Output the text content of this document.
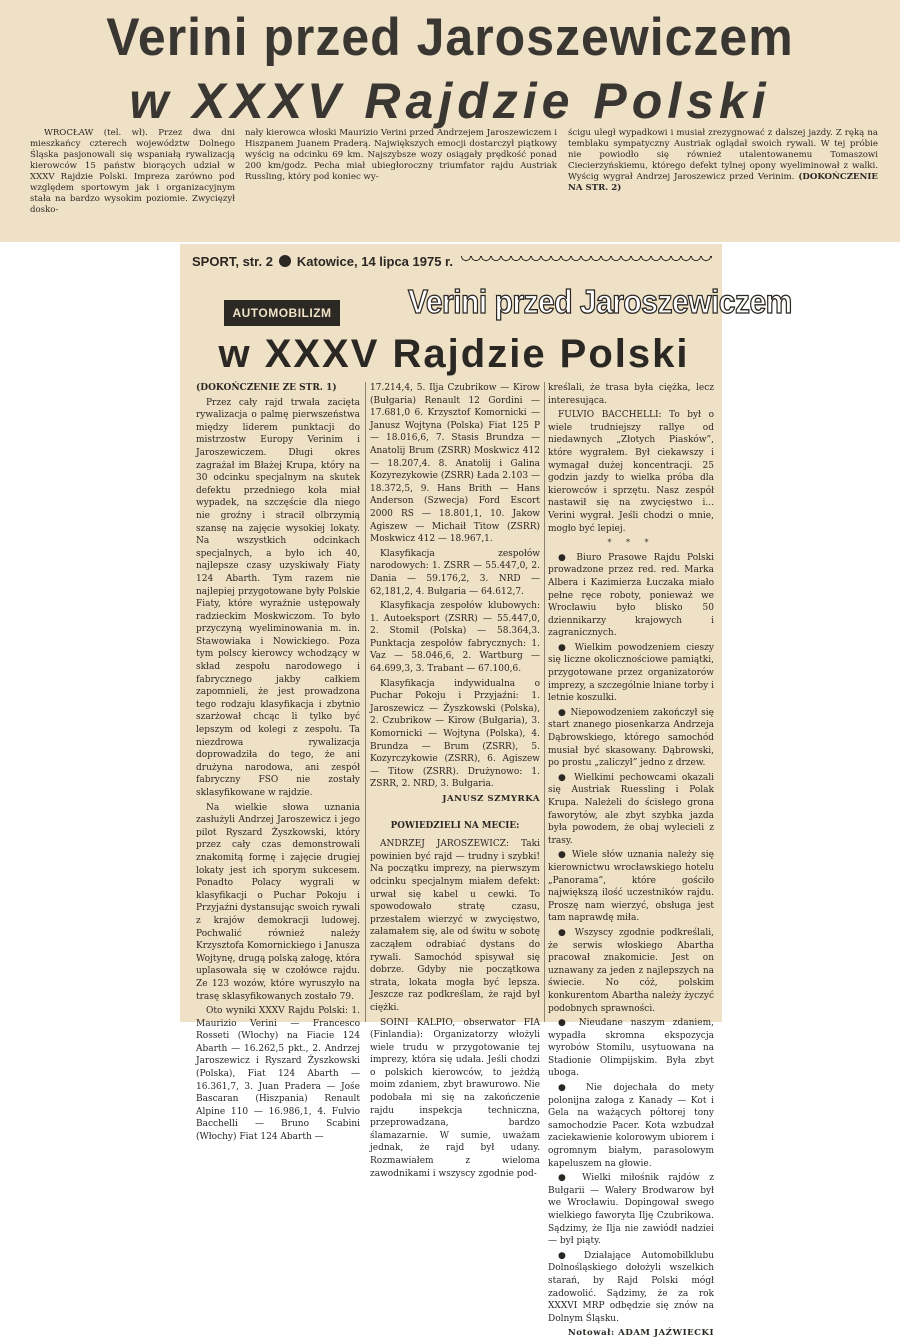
Verini przed Jaroszewiczem
w XXXV Rajdzie Polski
WROCŁAW (tel. wł). Przez dwa dni mieszkańcy czterech województw Dolnego Śląska pasjonowali się wspaniałą rywalizacją kierowców 15 państw biorących udział w XXXV Rajdzie Polski. Impreza zarówno pod względem sportowym jak i organizacyjnym stała na bardzo wysokim poziomie. Zwycięzył dosko-
nały kierowca włoski Maurizio Verini przed Andrzejem Jaroszewiczem i Hiszpanem Juanem Praderą. Największych emocji dostarczył piątkowy wyścig na odcinku 69 km. Najszybsze wozy osiągały prędkość ponad 200 km/godz. Pecha miał ubiegłoroczny triumfator rajdu Austriak Russling, który pod koniec wy-
ścigu uległ wypadkowi i musiał zrezygnować z dalszej jazdy. Z ręką na temblaku sympatyczny Austriak oglądał swoich rywali. W tej próbie nie powiodło się również utalentowanemu Tomaszowi Ciecierzyńskiemu, którego defekt tylnej opony wyeliminował z walki. Wyścig wygrał Andrzej Jaroszewicz przed Verinim. (DOKOŃCZENIE NA STR. 2)
SPORT, str. 2 Katowice, 14 lipca 1975 r.
AUTOMOBILIZM	Verini przed Jaroszewiczem
w XXXV Rajdzie Polski

(DOKOŃCZENIE ZE STR. 1)

Przez cały rajd trwała zacięta rywalizacja o palmę pierwszeństwa między liderem punktacji do mistrzostw Europy Verinim i Jaroszewiczem. Długi okres zagrażał im Błażej Krupa, który na 30 odcinku specjalnym na skutek defektu przedniego koła miał wypadek, na szczęście dla niego nie groźny i stracił olbrzymią szansę na zajęcie wysokiej lokaty. Na wszystkich odcinkach specjalnych, a było ich 40, najlepsze czasy uzyskiwały Fiaty 124 Abarth. Tym razem nie najlepiej przygotowane były Polskie Fiaty, które wyraźnie ustępowały radzieckim Moskwiczom. To było przyczyną wyeliminowania m. in. Stawowiaka i Nowickiego. Poza tym polscy kierowcy wchodzący w skład zespołu narodowego i fabrycznego jakby całkiem zapomnieli, że jest prowadzona tego rodzaju klasyfikacja i zbytnio szarżował chcąc li tylko być lepszym od kolegi z zespołu. Ta niezdrowa rywalizacja doprowadziła do tego, że ani drużyna narodowa, ani zespół fabryczny FSO nie zostały sklasyfikowane w rajdzie.

Na wielkie słowa uznania zasłużyli Andrzej Jaroszewicz i jego pilot Ryszard Żyszkowski, który przez cały czas demonstrowali znakomitą formę i zajęcie drugiej lokaty jest ich sporym sukcesem. Ponadto Polacy wygrali w klasyfikacji o Puchar Pokoju i Przyjaźni dystansując swoich rywali z krajów demokracji ludowej. Pochwalić również należy Krzysztofa Komornickiego i Janusza Wojtynę, drugą polską załogę, która uplasowała się w czołówce rajdu. Ze 123 wozów, które wyruszyło na trasę sklasyfikowanych zostało 79.

Oto wyniki XXXV Rajdu Polski: 1. Maurizio Verini — Francesco Rosseti (Włochy) na Fiacie 124 Abarth — 16.262,5 pkt., 2. Andrzej Jaroszewicz i Ryszard Żyszkowski (Polska), Fiat 124 Abarth — 16.361,7, 3. Juan Pradera — Jośe Bascaran (Hiszpania) Renault Alpine 110 — 16.986,1, 4. Fulvio Bacchelli — Bruno Scabini (Włochy) Fiat 124 Abarth —

17.214,4, 5. Ilja Czubrikow — Kirow (Bułgaria) Renault 12 Gordini — 17.681,0 6. Krzysztof Komornicki — Janusz Wojtyna (Polska) Fiat 125 P — 18.016,6, 7. Stasis Brundza — Anatolij Brum (ZSRR) Moskwicz 412 — 18.207,4. 8. Anatolij i Galina Kozyrezykowie (ZSRR) Łada 2.103 — 18.372,5, 9. Hans Brith — Hans Anderson (Szwecja) Ford Escort 2000 RS — 18.801,1, 10. Jakow Agiszew — Michaił Titow (ZSRR) Moskwicz 412 — 18.967,1.

Klasyfikacja zespołów narodowych: 1. ZSRR — 55.447,0, 2. Dania — 59.176,2, 3. NRD — 62,181,2, 4. Bułgaria — 64.612,7.

Klasyfikacja zespołów klubowych: 1. Autoeksport (ZSRR) — 55.447,0, 2. Stomil (Polska) — 58.364,3. Punktacja zespołów fabrycznych: 1. Vaz — 58.046,6, 2. Wartburg — 64.699,3, 3. Trabant — 67.100,6.

Klasyfikacja indywidualna o Puchar Pokoju i Przyjaźni: 1. Jaroszewicz — Żyszkowski (Polska), 2. Czubrikow — Kirow (Bułgaria), 3. Komornicki — Wojtyna (Polska), 4. Brundza — Brum (ZSRR), 5. Kozyrczykowie (ZSRR), 6. Agiszew — Titow (ZSRR). Drużynowo: 1. ZSRR, 2. NRD, 3. Bułgaria.

JANUSZ SZMYRKA
POWIEDZIELI NA MECIE:

ANDRZEJ JAROSZEWICZ: Taki powinien być rajd — trudny i szybki! Na początku imprezy, na pierwszym odcinku specjalnym miałem defekt: urwał się kabel u cewki. To spowodowało stratę czasu, przestałem wierzyć w zwycięstwo, załamałem się, ale od świtu w sobotę zacząłem odrabiać dystans do rywali. Samochód spisywał się dobrze. Gdyby nie początkowa strata, lokata mogła być lepsza. Jeszcze raz podkreślam, że rajd był ciężki.

SOINI KALPIO, obserwator FIA (Finlandia): Organizatorzy włożyli wiele trudu w przygotowanie tej imprezy, która się udała. Jeśli chodzi o polskich kierowców, to jeżdżą moim zdaniem, zbyt brawurowo. Nie podobała mi się na zakończenie rajdu inspekcja techniczna, przeprowadzana, bardzo ślamazarnie. W sumie, uważam jednak, że rajd był udany. Rozmawiałem z wieloma zawodnikami i wszyscy zgodnie pod-

kreślali, że trasa była ciężka, lecz interesująca.

FULVIO BACCHELLI: To był o wiele trudniejszy rallye od niedawnych „Złotych Piasków”, które wygrałem. Był ciekawszy i wymagał dużej koncentracji. 25 godzin jazdy to wielka próba dla kierowców i sprzętu. Nasz zespół nastawił się na zwycięstwo i... Verini wygrał. Jeśli chodzi o mnie, mogło być lepiej.

* * *

● Biuro Prasowe Rajdu Polski prowadzone przez red. red. Marka Albera i Kazimierza Łuczaka miało pełne ręce roboty, ponieważ we Wrocławiu było blisko 50 dziennikarzy krajowych i zagranicznych.

● Wielkim powodzeniem cieszy się liczne okolicznościowe pamiątki, przygotowane przez organizatorów imprezy, a szczególnie lniane torby i letnie koszulki.

● Niepowodzeniem zakończył się start znanego piosenkarza Andrzeja Dąbrowskiego, którego samochód musiał być skasowany. Dąbrowski, po prostu „zaliczył” jedno z drzew.

● Wielkimi pechowcami okazali się Austriak Ruessling i Polak Krupa. Należeli do ścisłego grona faworytów, ale zbyt szybka jazda była powodem, że obaj wylecieli z trasy.

● Wiele słów uznania należy się kierownictwu wrocławskiego hotelu „Panorama”, które gościło największą ilość uczestników rajdu. Proszę nam wierzyć, obsługa jest tam naprawdę miła.

● Wszyscy zgodnie podkreślali, że serwis włoskiego Abartha pracował znakomicie. Jest on uznawany za jeden z najlepszych na świecie. No cóż, polskim konkurentom Abartha należy życzyć podobnych sprawności.

● Nieudane naszym zdaniem, wypadła skromna ekspozycja wyrobów Stomilu, usytuowana na Stadionie Olimpijskim. Była zbyt uboga.

● Nie dojechała do mety polonijna załoga z Kanady — Kot i Gela na ważących półtorej tony samochodzie Pacer. Kota wzbudzał zaciekawienie kolorowym ubiorem i ogromnym białym, parasolowym kapeluszem na głowie.

● Wielki miłośnik rajdów z Bułgarii — Wałery Brodwarow był we Wrocławiu. Dopingował swego wielkiego faworyta Ilję Czubrikowa. Sądzimy, że Ilja nie zawiódł nadziei — był piąty.

● Działające Automobilklubu Dolnośląskiego dołożyli wszelkich starań, by Rajd Polski mógł zadowolić. Sądzimy, że za rok XXXVI MRP odbędzie się znów na Dolnym Śląsku.

Notował: ADAM JAŹWIECKI
